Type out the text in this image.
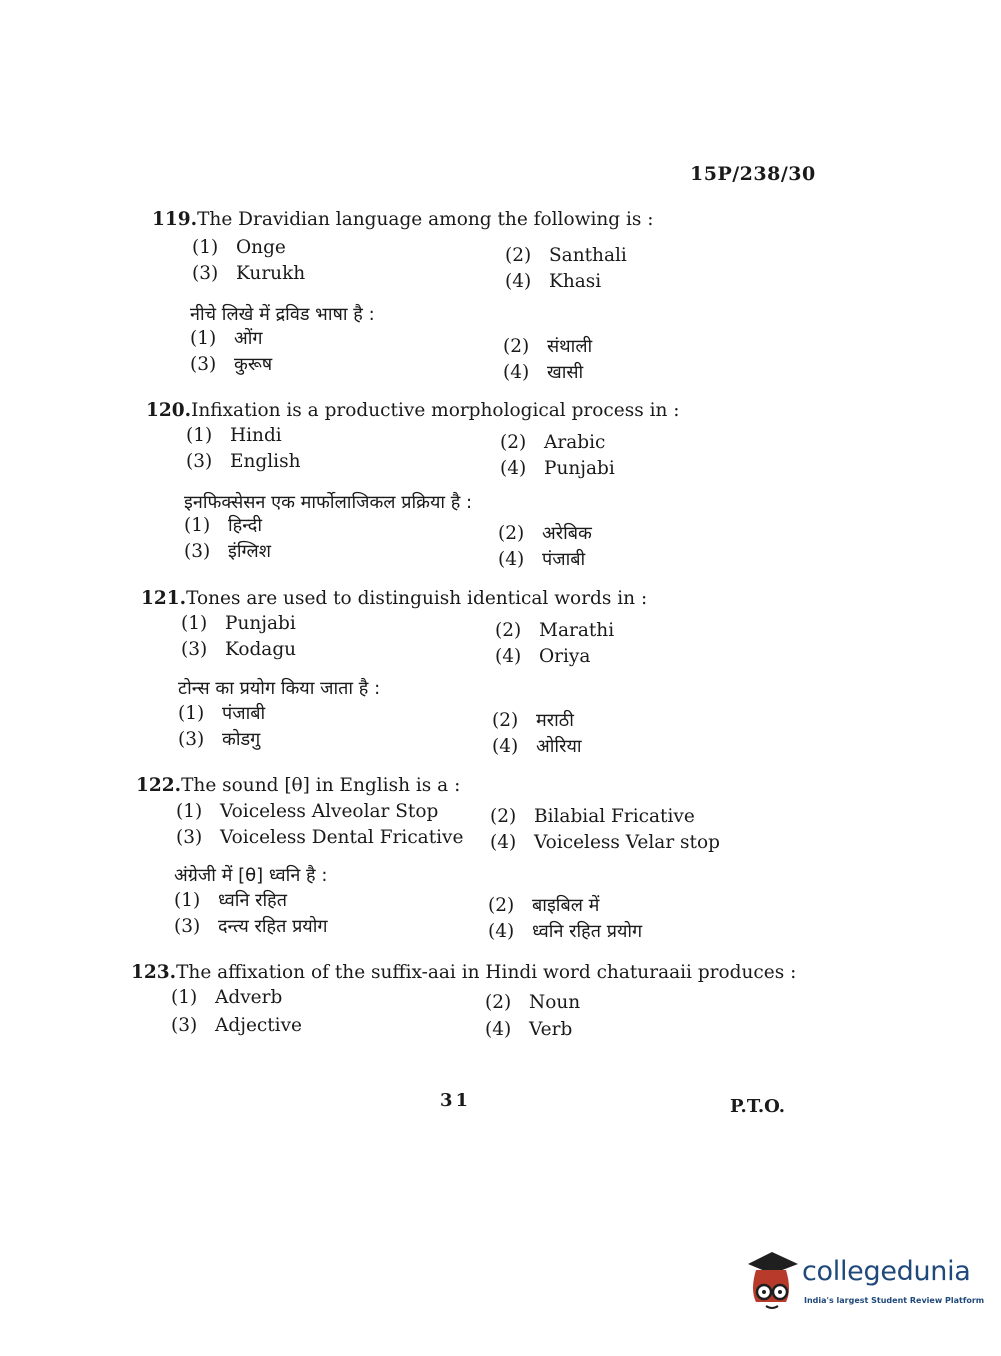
15P/238/30
119.The Dravidian language among the following is :
(1) Onge	(2) Santhali
(3) Kurukh	(4) Khasi
नीचे लिखे में द्रविड भाषा है :
(1) ओंग	(2) संथाली
(3) कुरूष	(4) खासी
120.Infixation is a productive morphological process in :
(1) Hindi	(2) Arabic
(3) English	(4) Punjabi
इनफिक्सेसन एक मार्फोलाजिकल प्रक्रिया है :
(1) हिन्दी	(2) अरेबिक
(3) इंग्लिश	(4) पंजाबी
121.Tones are used to distinguish identical words in :
(1) Punjabi	(2) Marathi
(3) Kodagu	(4) Oriya
टोन्स का प्रयोग किया जाता है :
(1) पंजाबी	(2) मराठी
(3) कोडगु	(4) ओरिया
122.The sound [θ] in English is a :
(1) Voiceless Alveolar Stop	(2) Bilabial Fricative
(3) Voiceless Dental Fricative (4) Voiceless Velar stop
अंग्रेजी में [θ] ध्वनि है :
(1) ध्वनि रहित	(2) बाइबिल में
(3) दन्त्य रहित प्रयोग	(4) ध्वनि रहित प्रयोग
123.The affixation of the suffix-aai in Hindi word chaturaaii produces :
(1) Adverb	(2) Noun
(3) Adjective	(4) Verb
31	P.T.O.
collegedunia
India's largest Student Review Platform
